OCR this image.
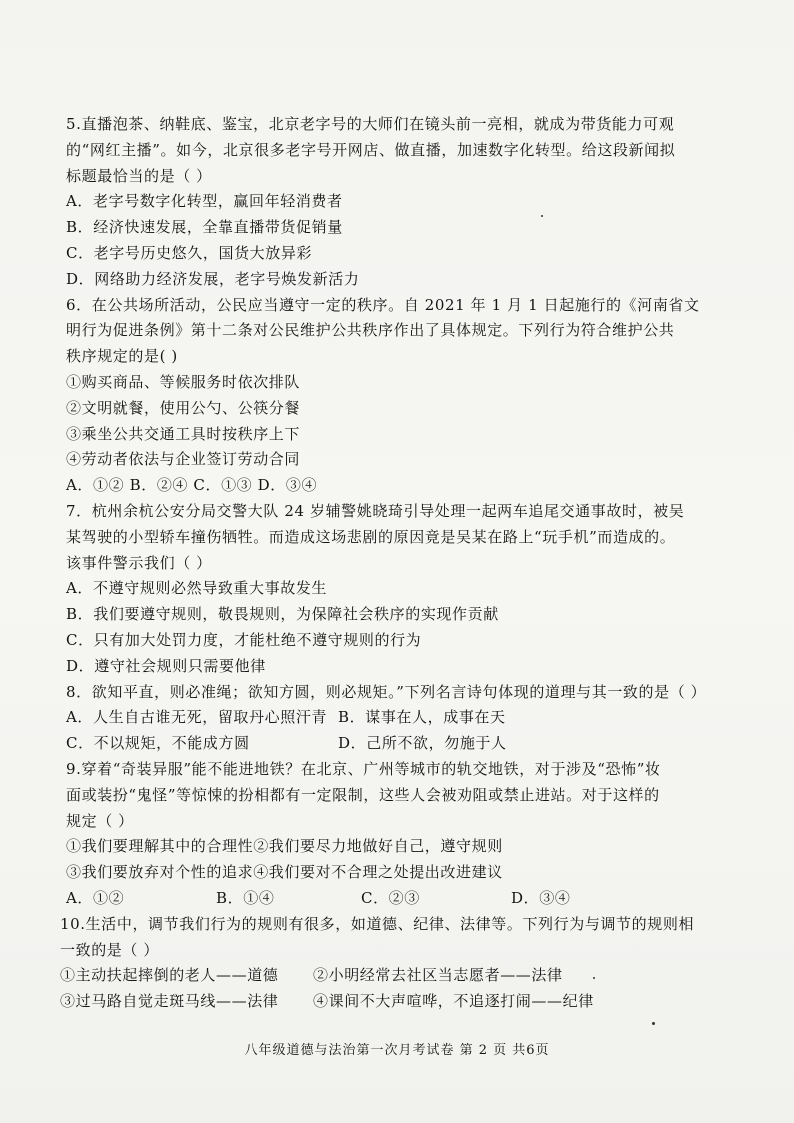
5.直播泡茶、纳鞋底、鉴宝，北京老字号的大师们在镜头前一亮相，就成为带货能力可观
的“网红主播”。如今，北京很多老字号开网店、做直播，加速数字化转型。给这段新闻拟
标题最恰当的是（ ）
A．老字号数字化转型，赢回年轻消费者
B．经济快速发展，全靠直播带货促销量
C．老字号历史悠久，国货大放异彩
D．网络助力经济发展，老字号焕发新活力
6．在公共场所活动，公民应当遵守一定的秩序。自 2021 年 1 月 1 日起施行的《河南省文
明行为促进条例》第十二条对公民维护公共秩序作出了具体规定。下列行为符合维护公共
秩序规定的是( )
①购买商品、等候服务时依次排队
②文明就餐，使用公勺、公筷分餐
③乘坐公共交通工具时按秩序上下
④劳动者依法与企业签订劳动合同
A．①② B．②④ C．①③ D．③④
7．杭州余杭公安分局交警大队 24 岁辅警姚晓琦引导处理一起两车追尾交通事故时，被吴
某驾驶的小型轿车撞伤牺牲。而造成这场悲剧的原因竟是吴某在路上“玩手机”而造成的。
该事件警示我们（ ）
A．不遵守规则必然导致重大事故发生
B．我们要遵守规则，敬畏规则，为保障社会秩序的实现作贡献
C．只有加大处罚力度，才能杜绝不遵守规则的行为
D．遵守社会规则只需要他律
8．欲知平直，则必准绳；欲知方圆，则必规矩。”下列名言诗句体现的道理与其一致的是（ ）
A．人生自古谁无死，留取丹心照汗青 B．谋事在人，成事在天
C．不以规矩，不能成方圆	D．己所不欲，勿施于人
9.穿着“奇装异服”能不能进地铁？在北京、广州等城市的轨交地铁，对于涉及“恐怖”妆
面或装扮“鬼怪”等惊悚的扮相都有一定限制，这些人会被劝阻或禁止进站。对于这样的
规定（ ）
①我们要理解其中的合理性②我们要尽力地做好自己，遵守规则
③我们要放弃对个性的追求④我们要对不合理之处提出改进建议
A．①②	B．①④	C．②③	D．③④
10.生活中，调节我们行为的规则有很多，如道德、纪律、法律等。下列行为与调节的规则相
一致的是（ ）
①主动扶起摔倒的老人——道德	②小明经常去社区当志愿者——法律
③过马路自觉走斑马线——法律	④课间不大声喧哗，不追逐打闹——纪律
八年级道德与法治第一次月考试卷 第 2 页 共6页
